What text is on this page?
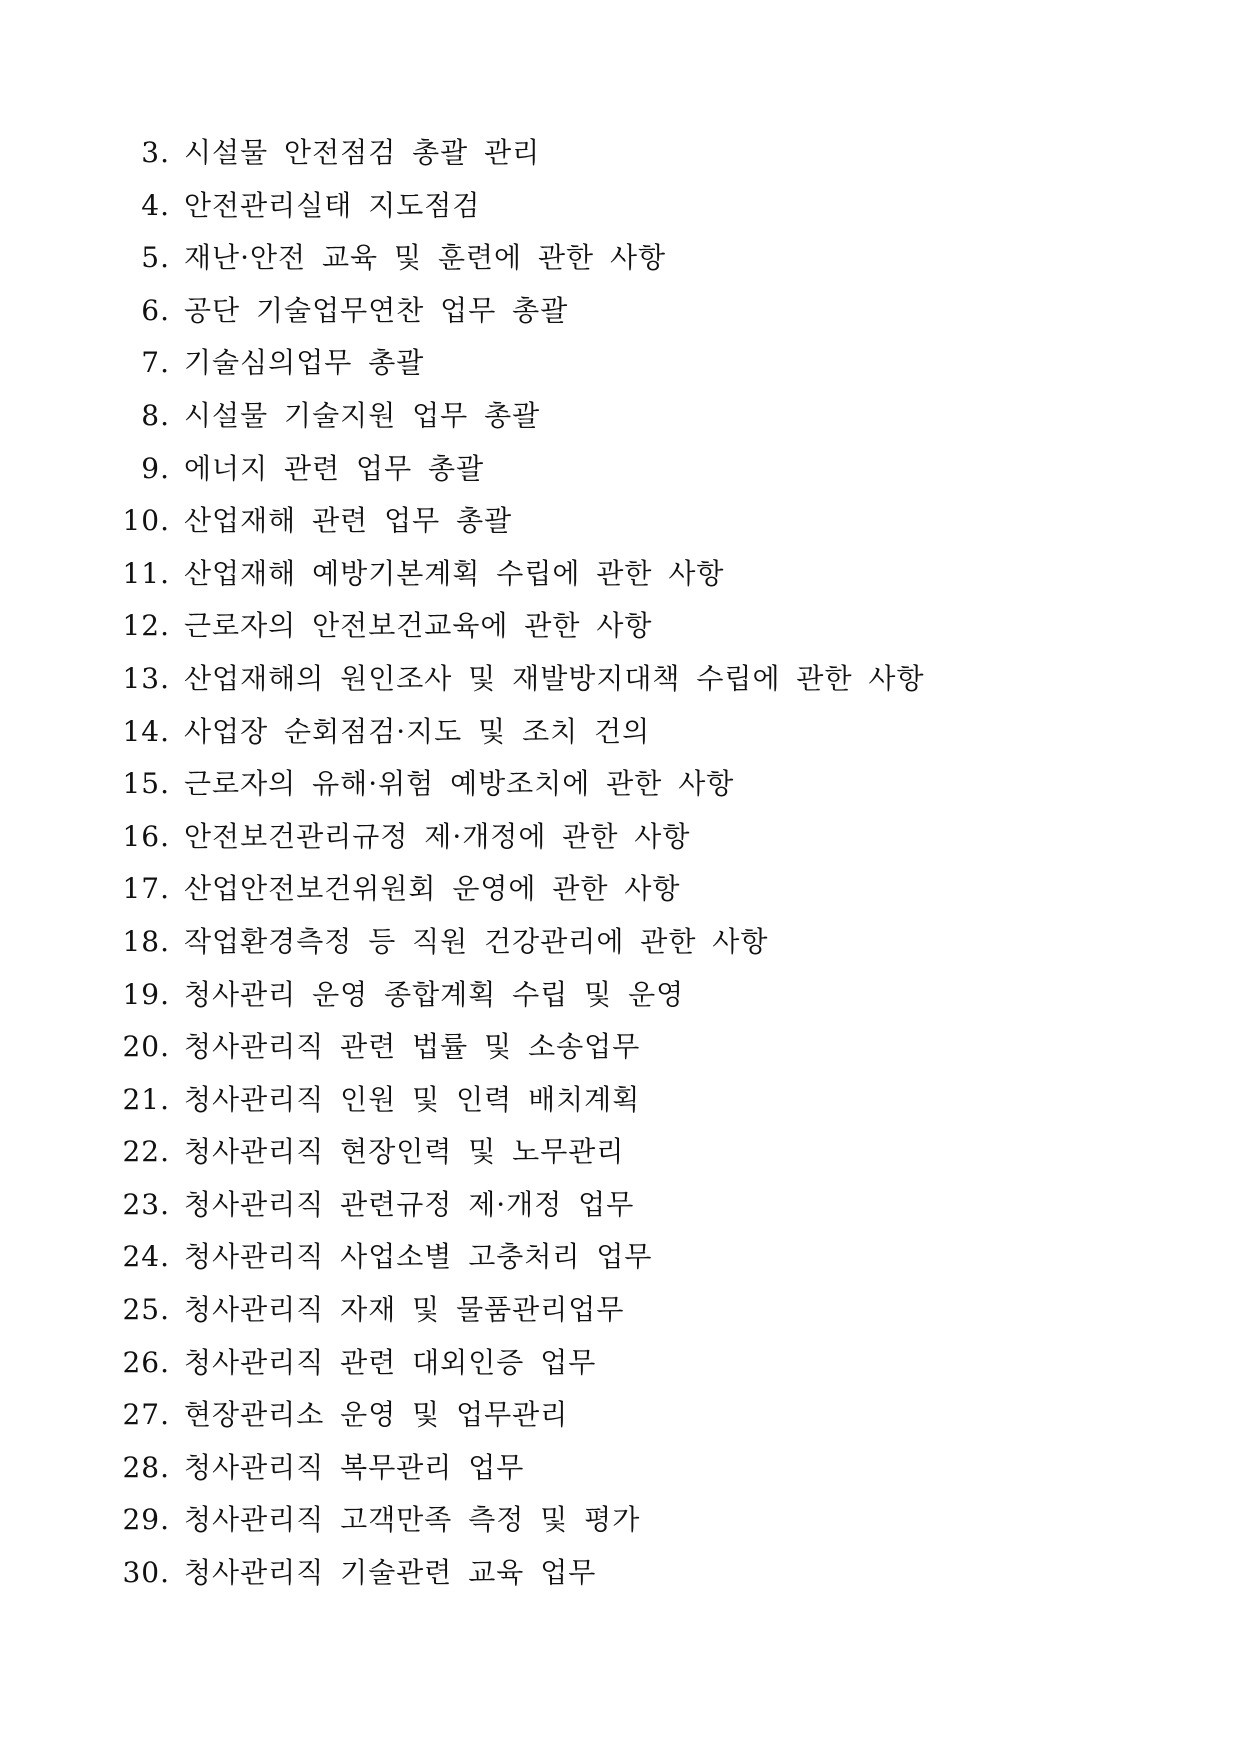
3. 시설물 안전점검 총괄 관리
4. 안전관리실태 지도점검
5. 재난·안전 교육 및 훈련에 관한 사항
6. 공단 기술업무연찬 업무 총괄
7. 기술심의업무 총괄
8. 시설물 기술지원 업무 총괄
9. 에너지 관련 업무 총괄
10. 산업재해 관련 업무 총괄
11. 산업재해 예방기본계획 수립에 관한 사항
12. 근로자의 안전보건교육에 관한 사항
13. 산업재해의 원인조사 및 재발방지대책 수립에 관한 사항
14. 사업장 순회점검·지도 및 조치 건의
15. 근로자의 유해·위험 예방조치에 관한 사항
16. 안전보건관리규정 제·개정에 관한 사항
17. 산업안전보건위원회 운영에 관한 사항
18. 작업환경측정 등 직원 건강관리에 관한 사항
19. 청사관리 운영 종합계획 수립 및 운영
20. 청사관리직 관련 법률 및 소송업무
21. 청사관리직 인원 및 인력 배치계획
22. 청사관리직 현장인력 및 노무관리
23. 청사관리직 관련규정 제·개정 업무
24. 청사관리직 사업소별 고충처리 업무
25. 청사관리직 자재 및 물품관리업무
26. 청사관리직 관련 대외인증 업무
27. 현장관리소 운영 및 업무관리
28. 청사관리직 복무관리 업무
29. 청사관리직 고객만족 측정 및 평가
30. 청사관리직 기술관련 교육 업무
